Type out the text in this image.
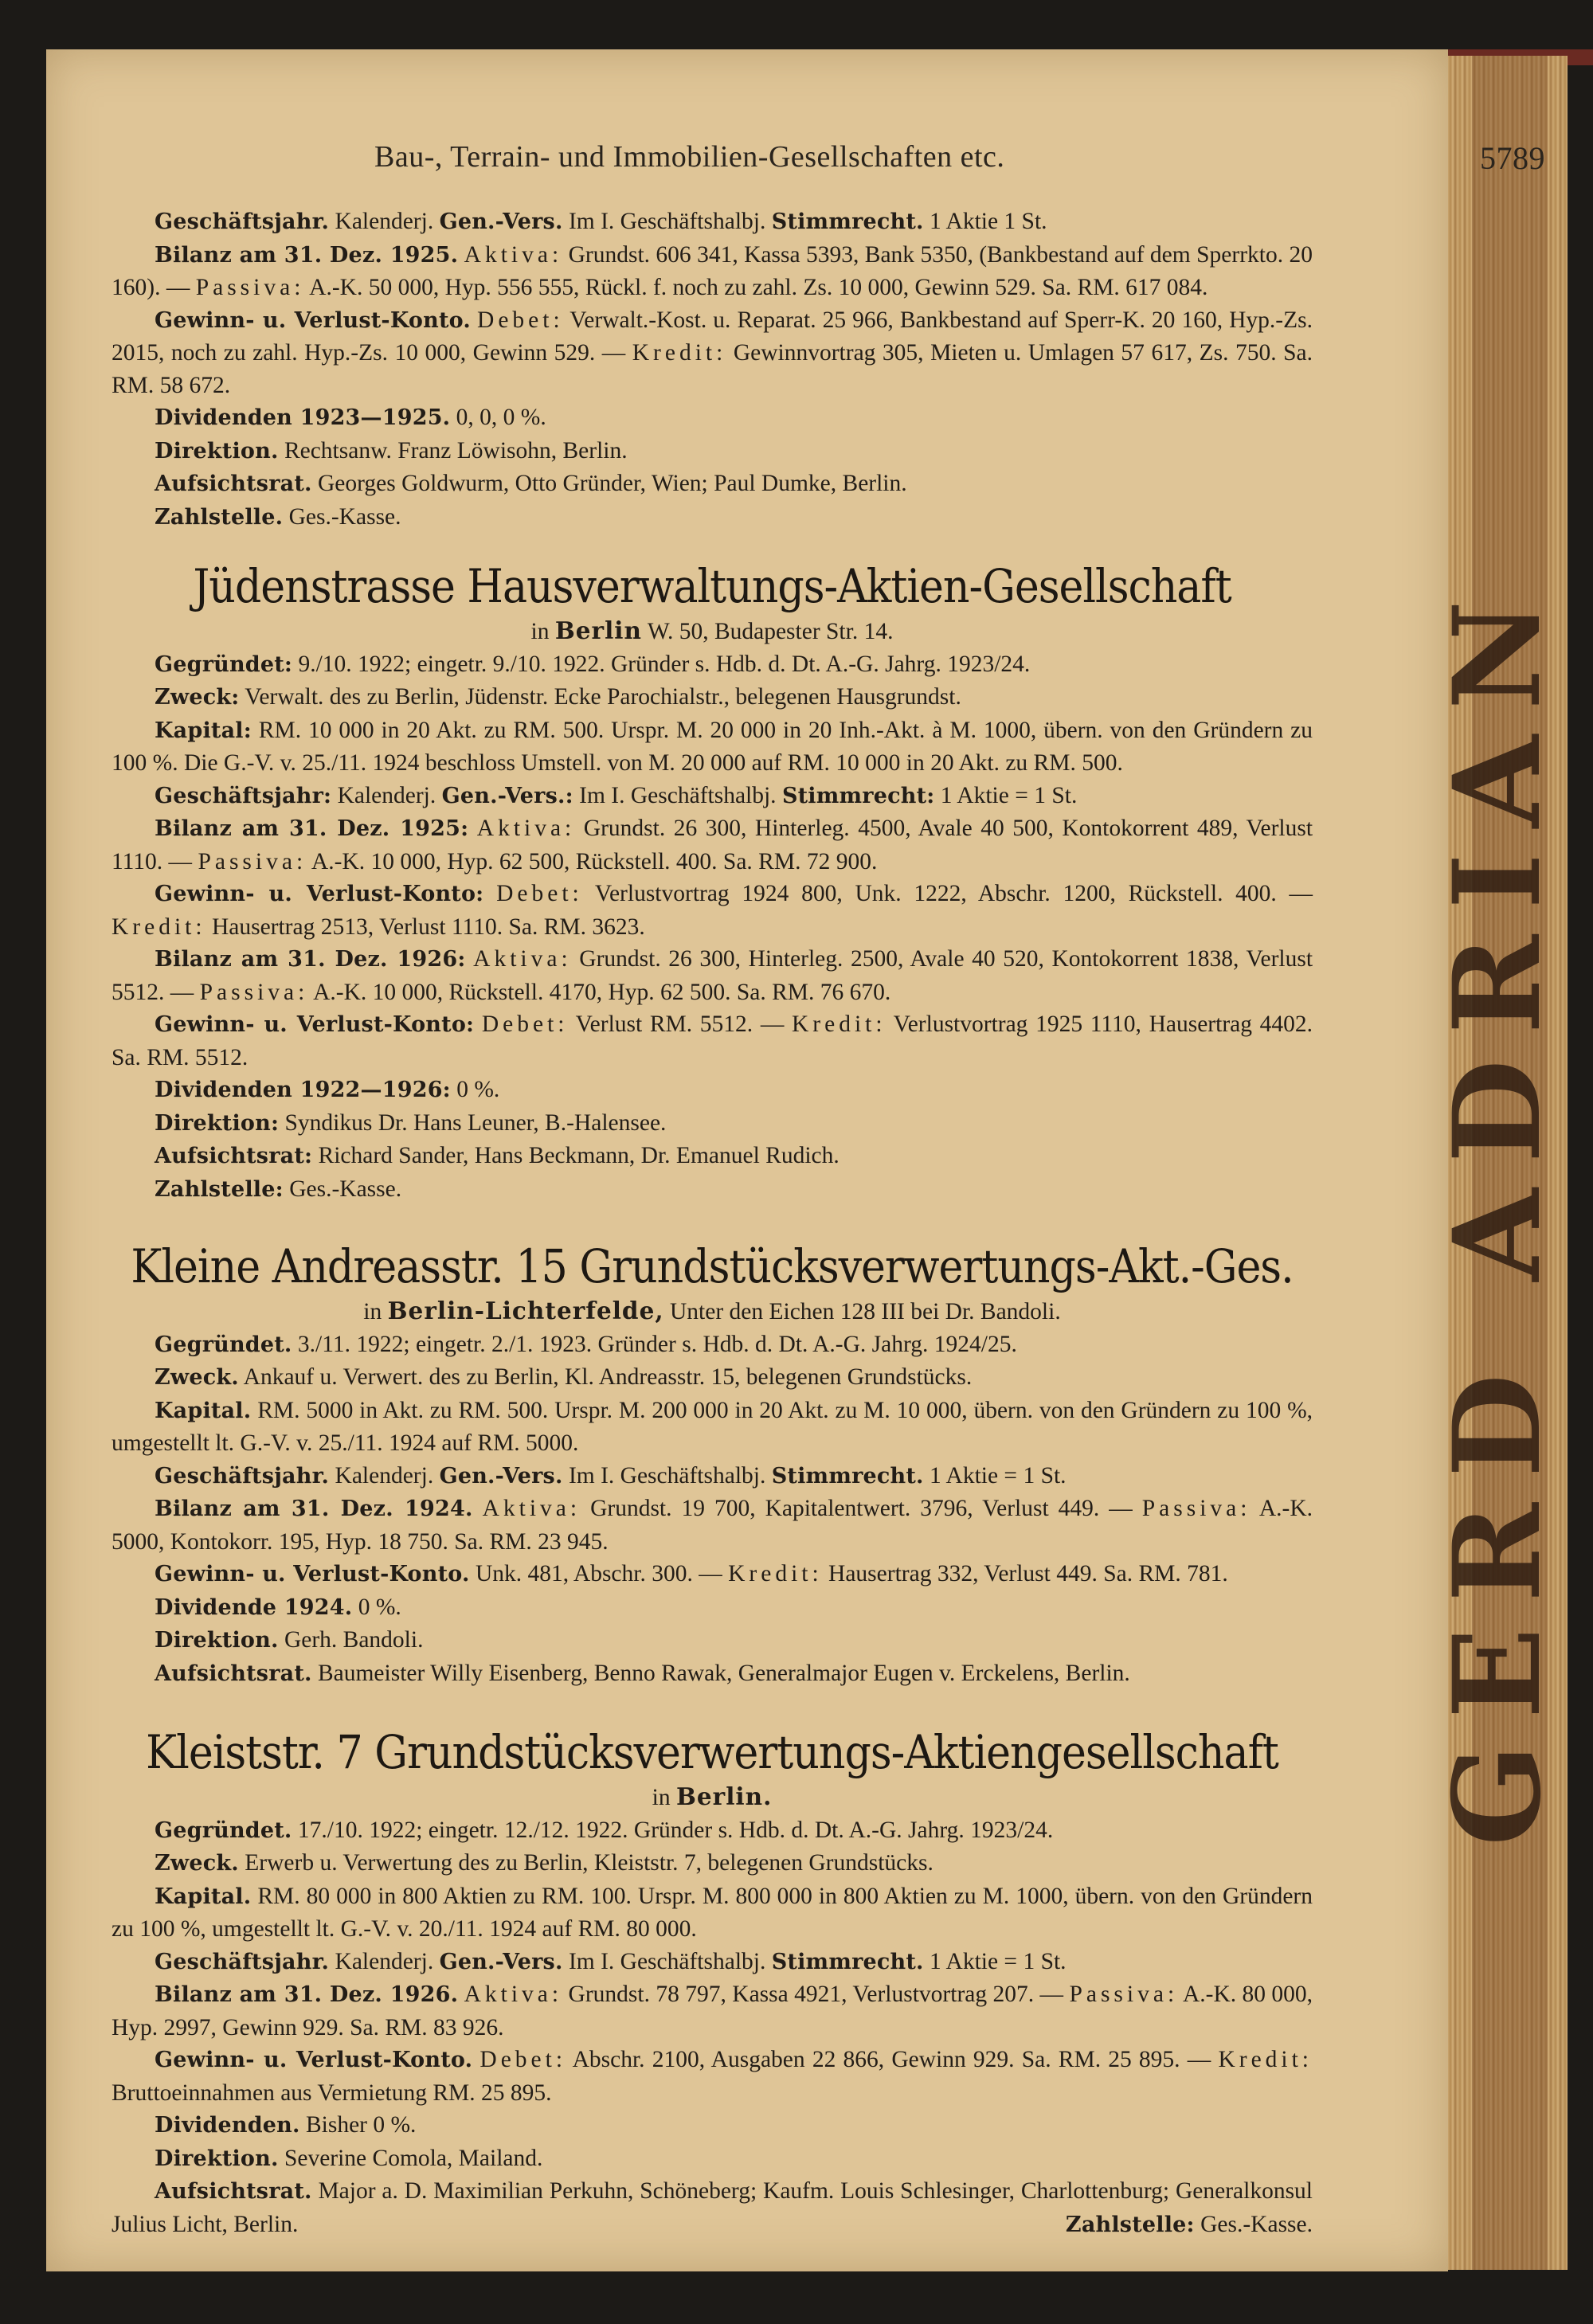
GERD ADRIAN
Bau-, Terrain- und Immobilien-Gesellschaften etc.	5789

Geschäftsjahr. Kalenderj. Gen.-Vers. Im I. Geschäftshalbj. Stimmrecht. 1 Aktie 1 St.

Bilanz am 31. Dez. 1925. Aktiva: Grundst. 606 341, Kassa 5393, Bank 5350, (Bankbestand auf dem Sperrkto. 20 160). — Passiva: A.-K. 50 000, Hyp. 556 555, Rückl. f. noch zu zahl. Zs. 10 000, Gewinn 529. Sa. RM. 617 084.

Gewinn- u. Verlust-Konto. Debet: Verwalt.-Kost. u. Reparat. 25 966, Bankbestand auf Sperr-K. 20 160, Hyp.-Zs. 2015, noch zu zahl. Hyp.-Zs. 10 000, Gewinn 529. — Kredit: Gewinnvortrag 305, Mieten u. Umlagen 57 617, Zs. 750. Sa. RM. 58 672.

Dividenden 1923—1925. 0, 0, 0 %.

Direktion. Rechtsanw. Franz Löwisohn, Berlin.

Aufsichtsrat. Georges Goldwurm, Otto Gründer, Wien; Paul Dumke, Berlin.

Zahlstelle. Ges.-Kasse.

Jüdenstrasse Hausverwaltungs-Aktien-Gesellschaft

in Berlin W. 50, Budapester Str. 14.

Gegründet: 9./10. 1922; eingetr. 9./10. 1922. Gründer s. Hdb. d. Dt. A.-G. Jahrg. 1923/24.

Zweck: Verwalt. des zu Berlin, Jüdenstr. Ecke Parochialstr., belegenen Hausgrundst.

Kapital: RM. 10 000 in 20 Akt. zu RM. 500. Urspr. M. 20 000 in 20 Inh.-Akt. à M. 1000, übern. von den Gründern zu 100 %. Die G.-V. v. 25./11. 1924 beschloss Umstell. von M. 20 000 auf RM. 10 000 in 20 Akt. zu RM. 500.

Geschäftsjahr: Kalenderj. Gen.-Vers.: Im I. Geschäftshalbj. Stimmrecht: 1 Aktie = 1 St.

Bilanz am 31. Dez. 1925: Aktiva: Grundst. 26 300, Hinterleg. 4500, Avale 40 500, Kontokorrent 489, Verlust 1110. — Passiva: A.-K. 10 000, Hyp. 62 500, Rückstell. 400. Sa. RM. 72 900.

Gewinn- u. Verlust-Konto: Debet: Verlustvortrag 1924 800, Unk. 1222, Abschr. 1200, Rückstell. 400. — Kredit: Hausertrag 2513, Verlust 1110. Sa. RM. 3623.

Bilanz am 31. Dez. 1926: Aktiva: Grundst. 26 300, Hinterleg. 2500, Avale 40 520, Kontokorrent 1838, Verlust 5512. — Passiva: A.-K. 10 000, Rückstell. 4170, Hyp. 62 500. Sa. RM. 76 670.

Gewinn- u. Verlust-Konto: Debet: Verlust RM. 5512. — Kredit: Verlustvortrag 1925 1110, Hausertrag 4402. Sa. RM. 5512.

Dividenden 1922—1926: 0 %.

Direktion: Syndikus Dr. Hans Leuner, B.-Halensee.

Aufsichtsrat: Richard Sander, Hans Beckmann, Dr. Emanuel Rudich.

Zahlstelle: Ges.-Kasse.

Kleine Andreasstr. 15 Grundstücksverwertungs-Akt.-Ges.

in Berlin-Lichterfelde, Unter den Eichen 128 III bei Dr. Bandoli.

Gegründet. 3./11. 1922; eingetr. 2./1. 1923. Gründer s. Hdb. d. Dt. A.-G. Jahrg. 1924/25.

Zweck. Ankauf u. Verwert. des zu Berlin, Kl. Andreasstr. 15, belegenen Grundstücks.

Kapital. RM. 5000 in Akt. zu RM. 500. Urspr. M. 200 000 in 20 Akt. zu M. 10 000, übern. von den Gründern zu 100 %, umgestellt lt. G.-V. v. 25./11. 1924 auf RM. 5000.

Geschäftsjahr. Kalenderj. Gen.-Vers. Im I. Geschäftshalbj. Stimmrecht. 1 Aktie = 1 St.

Bilanz am 31. Dez. 1924. Aktiva: Grundst. 19 700, Kapitalentwert. 3796, Verlust 449. — Passiva: A.-K. 5000, Kontokorr. 195, Hyp. 18 750. Sa. RM. 23 945.

Gewinn- u. Verlust-Konto. Unk. 481, Abschr. 300. — Kredit: Hausertrag 332, Verlust 449. Sa. RM. 781.

Dividende 1924. 0 %.

Direktion. Gerh. Bandoli.

Aufsichtsrat. Baumeister Willy Eisenberg, Benno Rawak, Generalmajor Eugen v. Erckelens, Berlin.

Kleiststr. 7 Grundstücksverwertungs-Aktiengesellschaft

in Berlin.

Gegründet. 17./10. 1922; eingetr. 12./12. 1922. Gründer s. Hdb. d. Dt. A.-G. Jahrg. 1923/24.

Zweck. Erwerb u. Verwertung des zu Berlin, Kleiststr. 7, belegenen Grundstücks.

Kapital. RM. 80 000 in 800 Aktien zu RM. 100. Urspr. M. 800 000 in 800 Aktien zu M. 1000, übern. von den Gründern zu 100 %, umgestellt lt. G.-V. v. 20./11. 1924 auf RM. 80 000.

Geschäftsjahr. Kalenderj. Gen.-Vers. Im I. Geschäftshalbj. Stimmrecht. 1 Aktie = 1 St.

Bilanz am 31. Dez. 1926. Aktiva: Grundst. 78 797, Kassa 4921, Verlustvortrag 207. — Passiva: A.-K. 80 000, Hyp. 2997, Gewinn 929. Sa. RM. 83 926.

Gewinn- u. Verlust-Konto. Debet: Abschr. 2100, Ausgaben 22 866, Gewinn 929. Sa. RM. 25 895. — Kredit: Bruttoeinnahmen aus Vermietung RM. 25 895.

Dividenden. Bisher 0 %.

Direktion. Severine Comola, Mailand.

Aufsichtsrat. Major a. D. Maximilian Perkuhn, Schöneberg; Kaufm. Louis Schlesinger, Charlottenburg; Generalkonsul Julius Licht, Berlin.	Zahlstelle: Ges.-Kasse.
